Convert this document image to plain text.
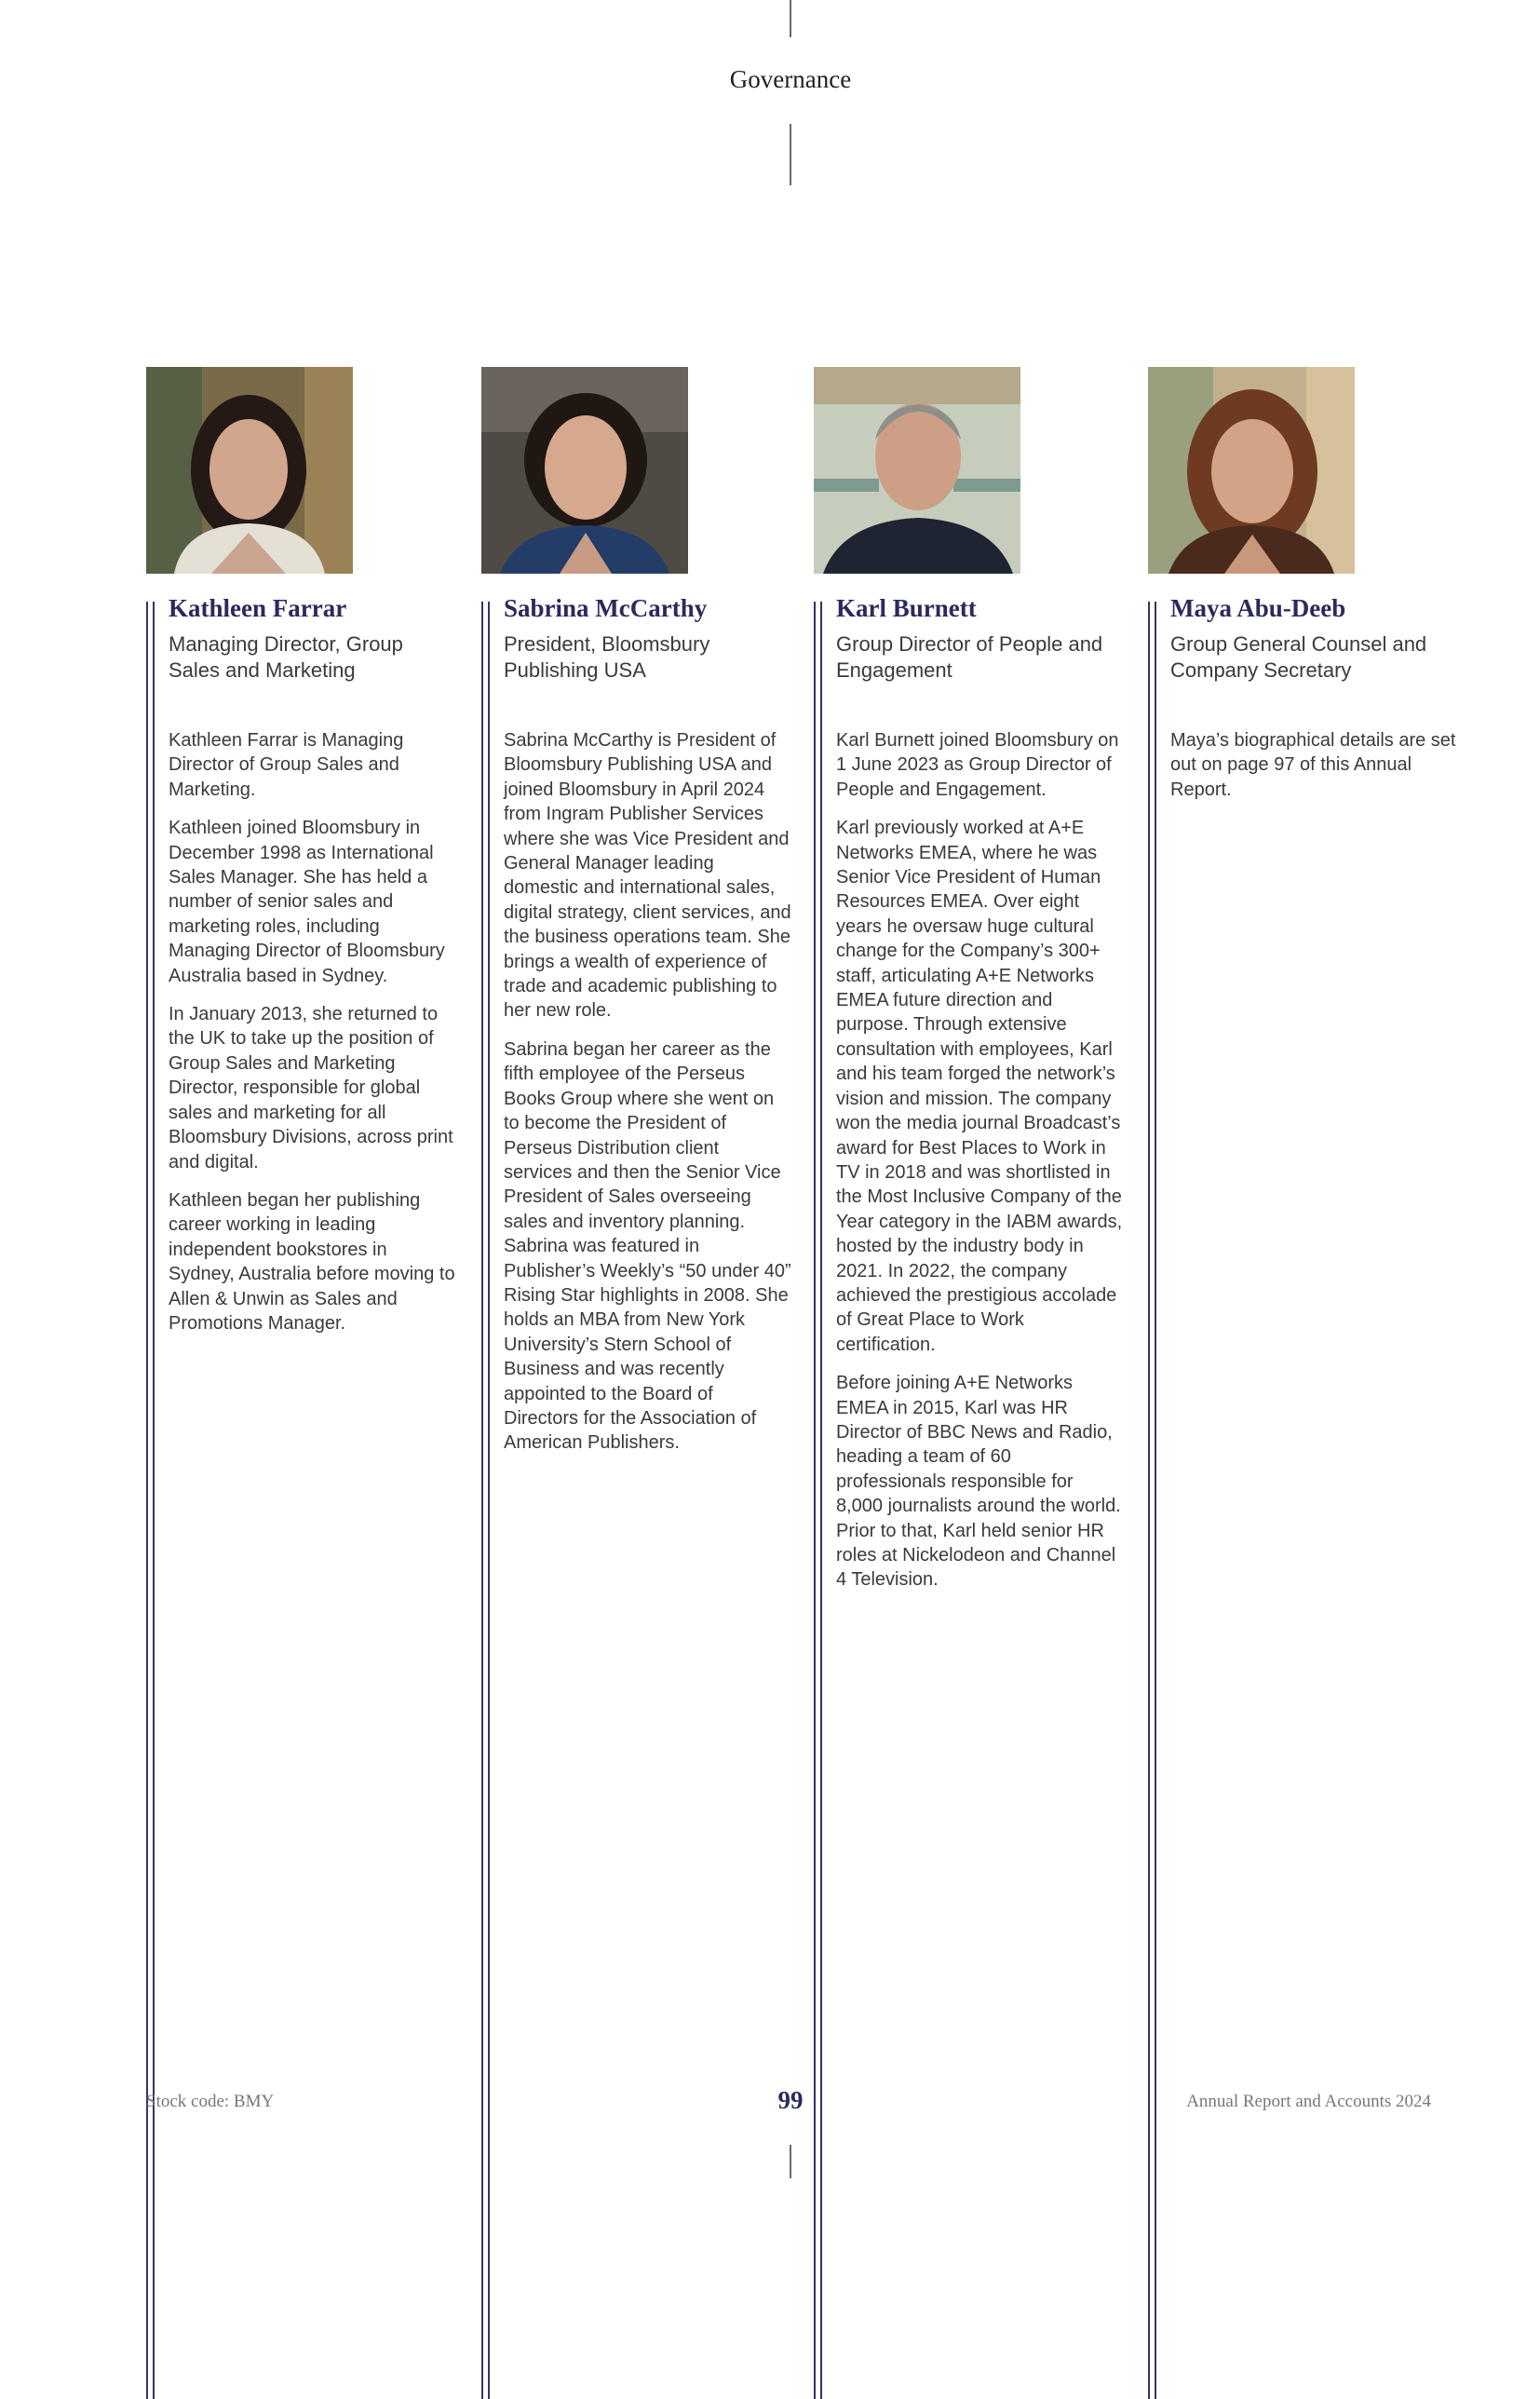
Governance
Kathleen Farrar
Managing Director, Group Sales and Marketing

Kathleen Farrar is Managing Director of Group Sales and Marketing.

Kathleen joined Bloomsbury in December 1998 as International Sales Manager. She has held a number of senior sales and marketing roles, including Managing Director of Bloomsbury Australia based in Sydney.

In January 2013, she returned to the UK to take up the position of Group Sales and Marketing Director, responsible for global sales and marketing for all Bloomsbury Divisions, across print and digital.

Kathleen began her publishing career working in leading independent bookstores in Sydney, Australia before moving to Allen & Unwin as Sales and Promotions Manager.

Sabrina McCarthy
President, Bloomsbury Publishing USA

Sabrina McCarthy is President of Bloomsbury Publishing USA and joined Bloomsbury in April 2024 from Ingram Publisher Services where she was Vice President and General Manager leading domestic and international sales, digital strategy, client services, and the business operations team. She brings a wealth of experience of trade and academic publishing to her new role.

Sabrina began her career as the fifth employee of the Perseus Books Group where she went on to become the President of Perseus Distribution client services and then the Senior Vice President of Sales overseeing sales and inventory planning. Sabrina was featured in Publisher’s Weekly’s “50 under 40” Rising Star highlights in 2008. She holds an MBA from New York University’s Stern School of Business and was recently appointed to the Board of Directors for the Association of American Publishers.

Karl Burnett
Group Director of People and Engagement

Karl Burnett joined Bloomsbury on 1 June 2023 as Group Director of People and Engagement.

Karl previously worked at A+E Networks EMEA, where he was Senior Vice President of Human Resources EMEA. Over eight years he oversaw huge cultural change for the Company’s 300+ staff, articulating A+E Networks EMEA future direction and purpose. Through extensive consultation with employees, Karl and his team forged the network’s vision and mission. The company won the media journal Broadcast’s award for Best Places to Work in TV in 2018 and was shortlisted in the Most Inclusive Company of the Year category in the IABM awards, hosted by the industry body in 2021. In 2022, the company achieved the prestigious accolade of Great Place to Work certification.

Before joining A+E Networks EMEA in 2015, Karl was HR Director of BBC News and Radio, heading a team of 60 professionals responsible for 8,000 journalists around the world. Prior to that, Karl held senior HR roles at Nickelodeon and Channel 4 Television.

Maya Abu-Deeb
Group General Counsel and Company Secretary

Maya’s biographical details are set out on page 97 of this Annual Report.

Stock code: BMY	99	Annual Report and Accounts 2024
